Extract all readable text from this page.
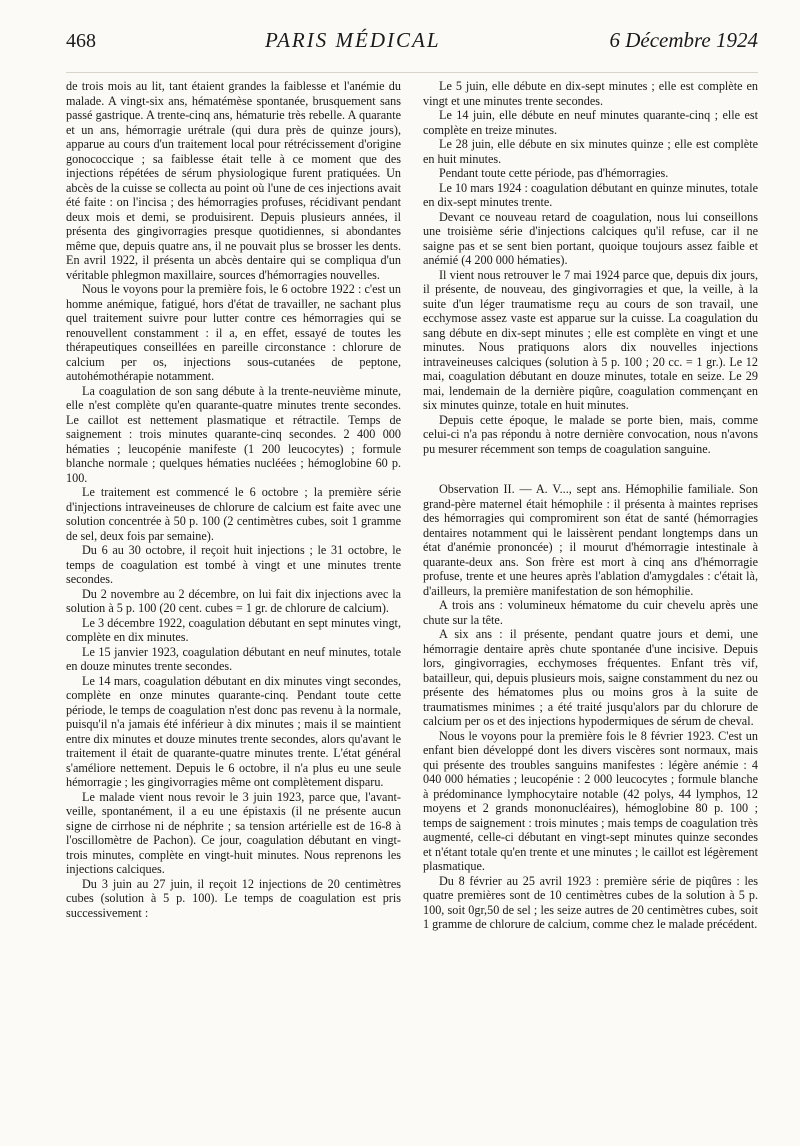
468	PARIS MÉDICAL	6 Décembre 1924

de trois mois au lit, tant étaient grandes la faiblesse et l'anémie du malade. A vingt-six ans, hématémèse spontanée, brusquement sans passé gastrique. A trente-cinq ans, hématurie très rebelle. A quarante et un ans, hémorragie urétrale (qui dura près de quinze jours), apparue au cours d'un traitement local pour rétrécissement d'origine gonococcique ; sa faiblesse était telle à ce moment que des injections répétées de sérum physiologique furent pratiquées. Un abcès de la cuisse se collecta au point où l'une de ces injections avait été faite : on l'incisa ; des hémorragies profuses, récidivant pendant deux mois et demi, se produisirent. Depuis plusieurs années, il présenta des gingivorragies presque quotidiennes, si abondantes même que, depuis quatre ans, il ne pouvait plus se brosser les dents. En avril 1922, il présenta un abcès dentaire qui se compliqua d'un véritable phlegmon maxillaire, sources d'hémorragies nouvelles.

Nous le voyons pour la première fois, le 6 octobre 1922 : c'est un homme anémique, fatigué, hors d'état de travailler, ne sachant plus quel traitement suivre pour lutter contre ces hémorragies qui se renouvellent constamment : il a, en effet, essayé de toutes les thérapeutiques conseillées en pareille circonstance : chlorure de calcium per os, injections sous-cutanées de peptone, autohémothérapie notamment.

La coagulation de son sang débute à la trente-neuvième minute, elle n'est complète qu'en quarante-quatre minutes trente secondes. Le caillot est nettement plasmatique et rétractile. Temps de saignement : trois minutes quarante-cinq secondes. 2 400 000 hématies ; leucopénie manifeste (1 200 leucocytes) ; formule blanche normale ; quelques hématies nucléées ; hémoglobine 60 p. 100.

Le traitement est commencé le 6 octobre ; la première série d'injections intraveineuses de chlorure de calcium est faite avec une solution concentrée à 50 p. 100 (2 centimètres cubes, soit 1 gramme de sel, deux fois par semaine).

Du 6 au 30 octobre, il reçoit huit injections ; le 31 octobre, le temps de coagulation est tombé à vingt et une minutes trente secondes.

Du 2 novembre au 2 décembre, on lui fait dix injections avec la solution à 5 p. 100 (20 cent. cubes = 1 gr. de chlorure de calcium).

Le 3 décembre 1922, coagulation débutant en sept minutes vingt, complète en dix minutes.

Le 15 janvier 1923, coagulation débutant en neuf minutes, totale en douze minutes trente secondes.

Le 14 mars, coagulation débutant en dix minutes vingt secondes, complète en onze minutes quarante-cinq. Pendant toute cette période, le temps de coagulation n'est donc pas revenu à la normale, puisqu'il n'a jamais été inférieur à dix minutes ; mais il se maintient entre dix minutes et douze minutes trente secondes, alors qu'avant le traitement il était de quarante-quatre minutes trente. L'état général s'améliore nettement. Depuis le 6 octobre, il n'a plus eu une seule hémorragie ; les gingivorragies même ont complètement disparu.

Le malade vient nous revoir le 3 juin 1923, parce que, l'avant-veille, spontanément, il a eu une épistaxis (il ne présente aucun signe de cirrhose ni de néphrite ; sa tension artérielle est de 16-8 à l'oscillomètre de Pachon). Ce jour, coagulation débutant en vingt-trois minutes, complète en vingt-huit minutes. Nous reprenons les injections calciques.

Du 3 juin au 27 juin, il reçoit 12 injections de 20 centimètres cubes (solution à 5 p. 100). Le temps de coagulation est pris successivement :

Le 5 juin, elle débute en dix-sept minutes ; elle est complète en vingt et une minutes trente secondes.

Le 14 juin, elle débute en neuf minutes quarante-cinq ; elle est complète en treize minutes.

Le 28 juin, elle débute en six minutes quinze ; elle est complète en huit minutes.

Pendant toute cette période, pas d'hémorragies.

Le 10 mars 1924 : coagulation débutant en quinze minutes, totale en dix-sept minutes trente.

Devant ce nouveau retard de coagulation, nous lui conseillons une troisième série d'injections calciques qu'il refuse, car il ne saigne pas et se sent bien portant, quoique toujours assez faible et anémié (4 200 000 hématies).

Il vient nous retrouver le 7 mai 1924 parce que, depuis dix jours, il présente, de nouveau, des gingivorragies et que, la veille, à la suite d'un léger traumatisme reçu au cours de son travail, une ecchymose assez vaste est apparue sur la cuisse. La coagulation du sang débute en dix-sept minutes ; elle est complète en vingt et une minutes. Nous pratiquons alors dix nouvelles injections intraveineuses calciques (solution à 5 p. 100 ; 20 cc. = 1 gr.). Le 12 mai, coagulation débutant en douze minutes, totale en seize. Le 29 mai, lendemain de la dernière piqûre, coagulation commençant en six minutes quinze, totale en huit minutes.

Depuis cette époque, le malade se porte bien, mais, comme celui-ci n'a pas répondu à notre dernière convocation, nous n'avons pu mesurer récemment son temps de coagulation sanguine.

Observation II. — A. V..., sept ans. Hémophilie familiale. Son grand-père maternel était hémophile : il présenta à maintes reprises des hémorragies qui compromirent son état de santé (hémorragies dentaires notamment qui le laissèrent pendant longtemps dans un état d'anémie prononcée) ; il mourut d'hémorragie intestinale à quarante-deux ans. Son frère est mort à cinq ans d'hémorragie profuse, trente et une heures après l'ablation d'amygdales : c'était là, d'ailleurs, la première manifestation de son hémophilie.

A trois ans : volumineux hématome du cuir chevelu après une chute sur la tête.

A six ans : il présente, pendant quatre jours et demi, une hémorragie dentaire après chute spontanée d'une incisive. Depuis lors, gingivorragies, ecchymoses fréquentes. Enfant très vif, batailleur, qui, depuis plusieurs mois, saigne constamment du nez ou présente des hématomes plus ou moins gros à la suite de traumatismes minimes ; a été traité jusqu'alors par du chlorure de calcium per os et des injections hypodermiques de sérum de cheval.

Nous le voyons pour la première fois le 8 février 1923. C'est un enfant bien développé dont les divers viscères sont normaux, mais qui présente des troubles sanguins manifestes : légère anémie : 4 040 000 hématies ; leucopénie : 2 000 leucocytes ; formule blanche à prédominance lymphocytaire notable (42 polys, 44 lymphos, 12 moyens et 2 grands mononucléaires), hémoglobine 80 p. 100 ; temps de saignement : trois minutes ; mais temps de coagulation très augmenté, celle-ci débutant en vingt-sept minutes quinze secondes et n'étant totale qu'en trente et une minutes ; le caillot est légèrement plasmatique.

Du 8 février au 25 avril 1923 : première série de piqûres : les quatre premières sont de 10 centimètres cubes de la solution à 5 p. 100, soit 0gr,50 de sel ; les seize autres de 20 centimètres cubes, soit 1 gramme de chlorure de calcium, comme chez le malade précédent.
